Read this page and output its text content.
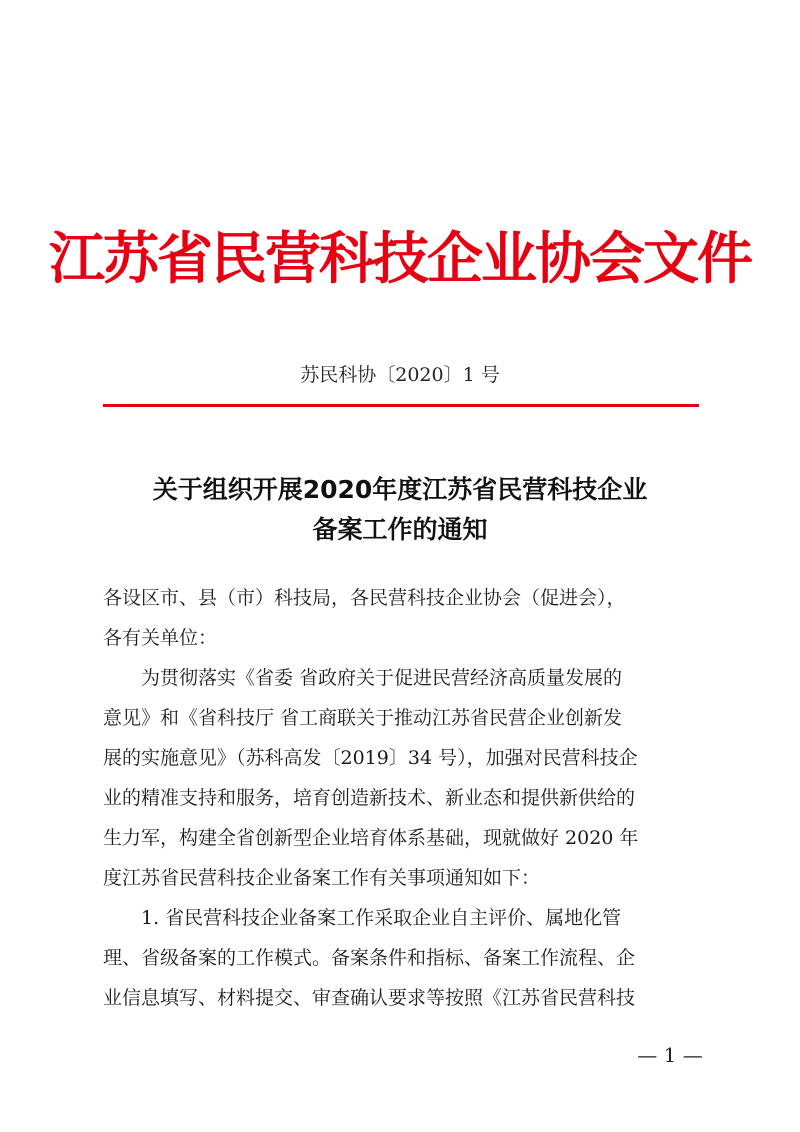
江苏省民营科技企业协会文件
苏民科协〔2020〕1 号
关于组织开展2020年度江苏省民营科技企业
备案工作的通知
各设区市、县（市）科技局，各民营科技企业协会（促进会），
各有关单位：
为贯彻落实《省委 省政府关于促进民营经济高质量发展的
意见》和《省科技厅 省工商联关于推动江苏省民营企业创新发
展的实施意见》（苏科高发〔2019〕34 号），加强对民营科技企
业的精准支持和服务，培育创造新技术、新业态和提供新供给的
生力军，构建全省创新型企业培育体系基础，现就做好 2020 年
度江苏省民营科技企业备案工作有关事项通知如下：
1. 省民营科技企业备案工作采取企业自主评价、属地化管
理、省级备案的工作模式。备案条件和指标、备案工作流程、企
业信息填写、材料提交、审查确认要求等按照《江苏省民营科技
— 1 —
